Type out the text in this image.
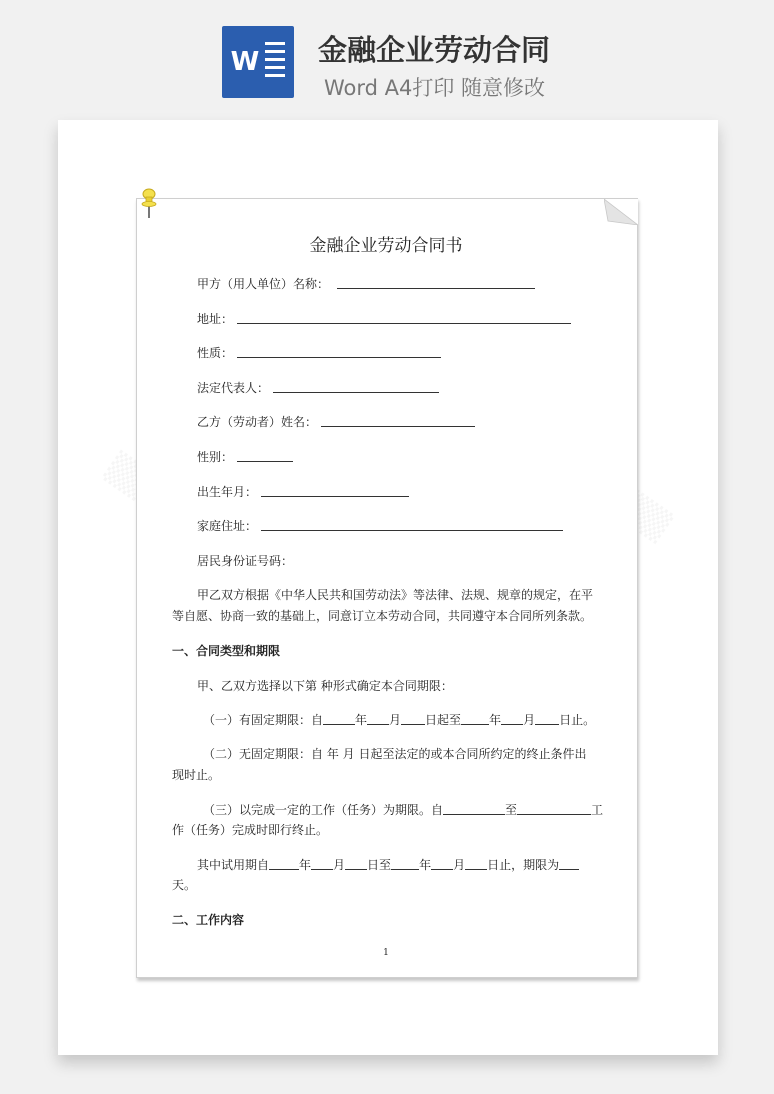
W 金融企业劳动合同
Word A4打印 随意修改
金融企业劳动合同书
甲方（用人单位）名称：
地址：
性质：
法定代表人：
乙方（劳动者）姓名：
性别：
出生年月：
家庭住址：
居民身份证号码：
甲乙双方根据《中华人民共和国劳动法》等法律、法规、规章的规定，在平
等自愿、协商一致的基础上，同意订立本劳动合同，共同遵守本合同所列条款。
一、合同类型和期限
甲、乙双方选择以下第 种形式确定本合同期限：
（一）有固定期限：自	年 月 日起至 年 月 日止。
（二）无固定期限：自 年 月 日起至法定的或本合同所约定的终止条件出
现时止。
（三）以完成一定的工作（任务）为期限。自	至	工
作（任务）完成时即行终止。
其中试用期自	年 月 日至 年 月 日止，期限为
天。
二、工作内容
1
